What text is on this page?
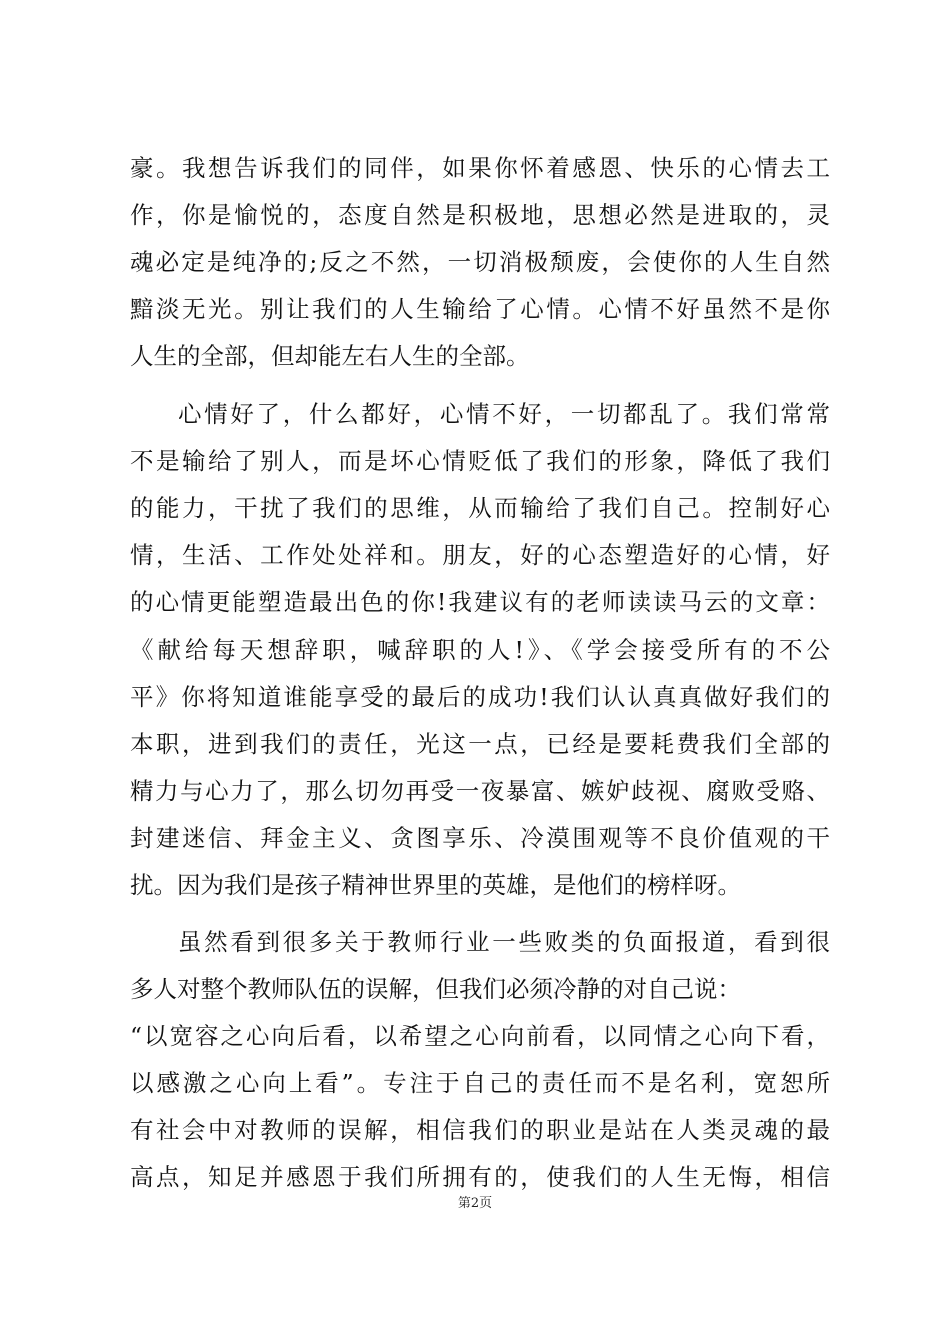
豪。我想告诉我们的同伴，如果你怀着感恩、快乐的心情去工
作，你是愉悦的，态度自然是积极地，思想必然是进取的，灵
魂必定是纯净的;反之不然，一切消极颓废，会使你的人生自然
黯淡无光。别让我们的人生输给了心情。心情不好虽然不是你
人生的全部，但却能左右人生的全部。
心情好了，什么都好，心情不好，一切都乱了。我们常常
不是输给了别人，而是坏心情贬低了我们的形象，降低了我们
的能力，干扰了我们的思维，从而输给了我们自己。控制好心
情，生活、工作处处祥和。朋友，好的心态塑造好的心情，好
的心情更能塑造最出色的你!我建议有的老师读读马云的文章：
《献给每天想辞职，喊辞职的人!》、《学会接受所有的不公
平》你将知道谁能享受的最后的成功!我们认认真真做好我们的
本职，进到我们的责任，光这一点，已经是要耗费我们全部的
精力与心力了，那么切勿再受一夜暴富、嫉妒歧视、腐败受赂、
封建迷信、拜金主义、贪图享乐、冷漠围观等不良价值观的干
扰。因为我们是孩子精神世界里的英雄，是他们的榜样呀。
虽然看到很多关于教师行业一些败类的负面报道，看到很
多人对整个教师队伍的误解，但我们必须冷静的对自己说：
“以宽容之心向后看，以希望之心向前看，以同情之心向下看，
以感激之心向上看”。专注于自己的责任而不是名利，宽恕所
有社会中对教师的误解，相信我们的职业是站在人类灵魂的最
高点，知足并感恩于我们所拥有的，使我们的人生无悔，相信
第2页
